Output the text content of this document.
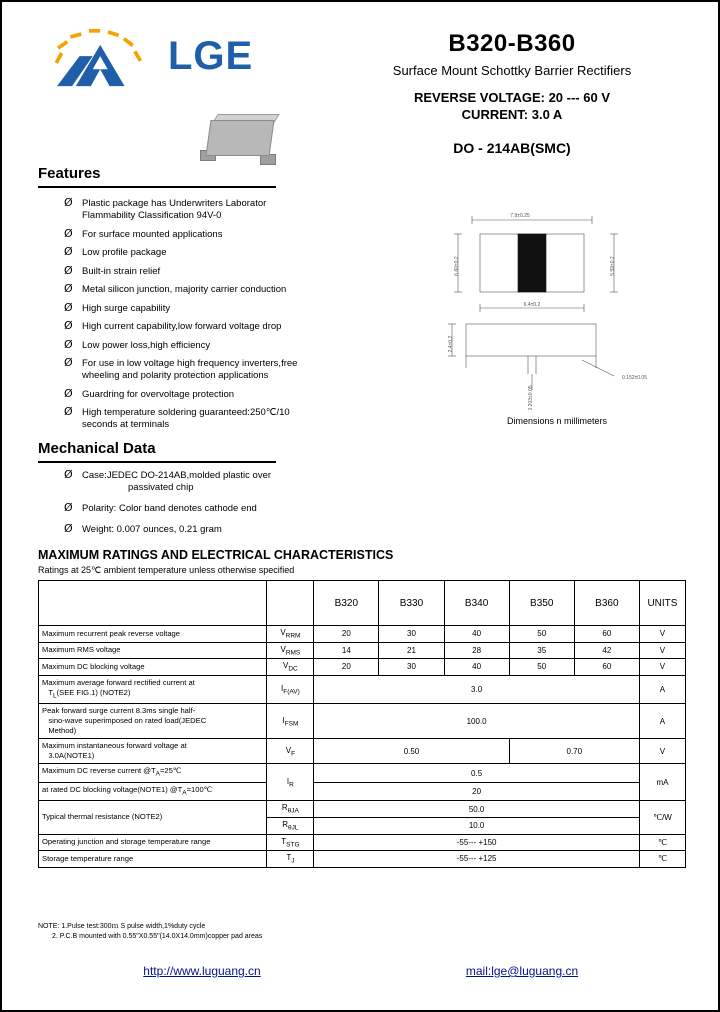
LGE	B320-B360
Surface Mount Schottky Barrier Rectifiers
REVERSE VOLTAGE: 20 --- 60 V
CURRENT: 3.0 A
DO - 214AB(SMC)
Features
Ø Plastic package has Underwriters Laborator
Flammability Classification 94V-0
Ø For surface mounted applications
Ø Low profile package
Ø Built-in strain relief
Ø Metal silicon junction, majority carrier conduction
Ø High surge capability
Ø High current capability,low forward voltage drop
Ø Low power loss,high efficiency
Ø For use in low voltage high frequency inverters,free
wheeling and polarity protection applications
Ø Guardring for overvoltage protection
Ø High temperature soldering guaranteed:250℃/10
seconds at terminals
Mechanical Data
Ø Case:JEDEC DO-214AB,molded plastic over
passivated chip
Ø Polarity: Color band denotes cathode end
Ø Weight: 0.007 ounces, 0.21 gram
7.9±0.25
6.4±0.2
6.60±0.2	5.59±0.2
2.4±0.2
0.203±0.05
0.152±0.05
Dimensions n millimeters
MAXIMUM RATINGS AND ELECTRICAL CHARACTERISTICS
Ratings at 25℃ ambient temperature unless otherwise specified
		B320	B330	B340	B350	B360	UNITS
Maximum recurrent peak reverse voltage	$V_{RRM}$	20	30	40	50	60	V
Maximum RMS voltage	$V_{RMS}$	14	21	28	35	42	V
Maximum DC blocking voltage	$V_{DC}$	20	30	40	50	60	V
Maximum average forward rectified current at
$T_L(SEE$ FIG.1) (NOTE2)	$I_{F(AV)}$	3.0					A
Peak forward surge current 8.3ms single half-
sino-wave superimposed on rated load(JEDEC
Method)	$I_{FSM}$	100.0					A
Maximum instantaneous forward voltage at
3.0A(NOTE1)	$V_F$	0.50			0.70		V
Maximum DC reverse current $@T_A=25℃$	$I_R$	0.5					mA
at rated DC blocking voltage(NOTE1) $@T_A=100℃$		20					
Typical thermal resistance (NOTE2)	$R_{\theta JA}$	50.0					℃/W
	$R_{\theta JL}$	10.0					
Operating junction and storage temperature range	$T_{STG}$	-55--- +150					℃
Storage temperature range	$T_J$	-55--- +125					℃
NOTE: 1.Pulse test:300ｍ S pulse width,1%duty cycle
2. P.C.B mounted with 0.55"X0.55"(14.0X14.0mm)copper pad areas
http://www.luguang.cn	mail:lge@luguang.cn
